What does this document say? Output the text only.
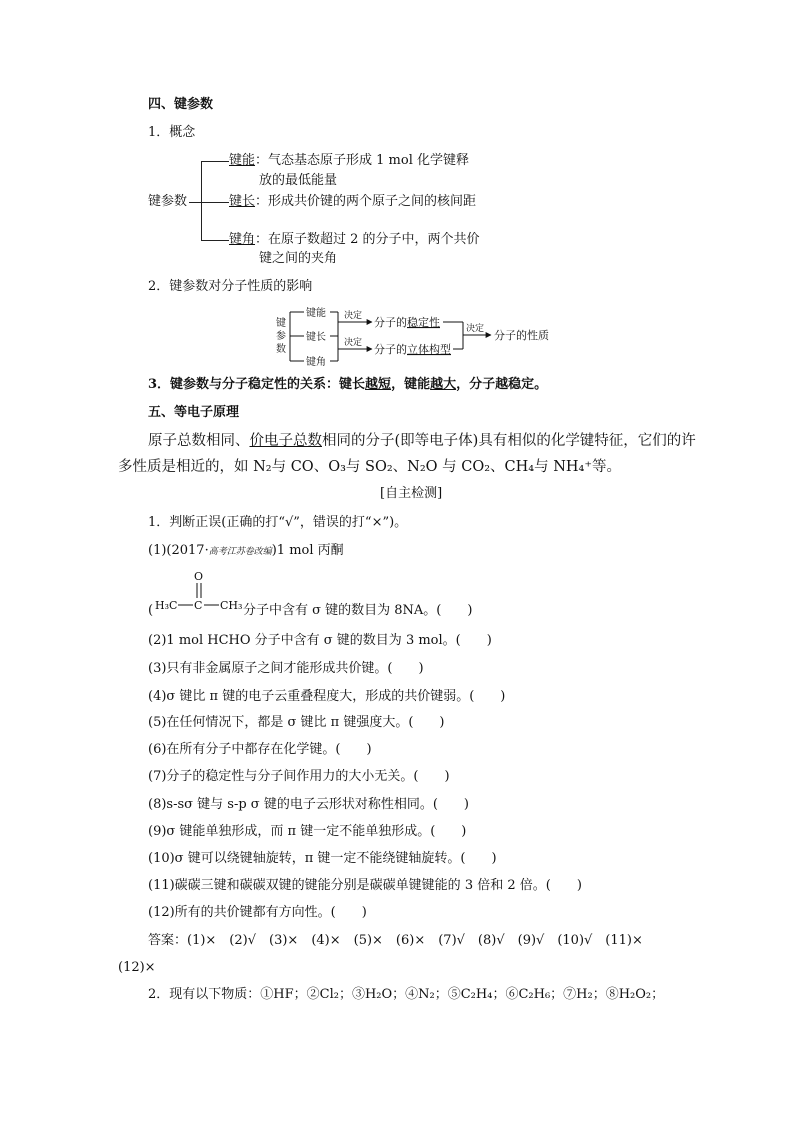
四、键参数
1．概念
键参数
键能：气态基态原子形成 1 mol 化学键释
放的最低能量
键长：形成共价键的两个原子之间的核间距
键角：在原子数超过 2 的分子中，两个共价
键之间的夹角
2．键参数对分子性质的影响
键
参
数
键能
键长
键角
决定
决定
分子的稳定性
分子的立体构型
决定 分子的性质
3．键参数与分子稳定性的关系：键长越短，键能越大，分子越稳定。
五、等电子原理
原子总数相同、价电子总数相同的分子(即等电子体)具有相似的化学键特征，它们的许
多性质是相近的，如 N₂与 CO、O₃与 SO₂、N₂O 与 CO₂、CH₄与 NH₄⁺等。
[自主检测]
1．判断正误(正确的打“√”，错误的打“×”)。
(1)(2017·高考江苏卷改编)1 mol 丙酮
(
O
H₃C C CH₃ 分子中含有 σ 键的数目为 8NA。(　　)
(2)1 mol HCHO 分子中含有 σ 键的数目为 3 mol。(　　)
(3)只有非金属原子之间才能形成共价键。(　　)
(4)σ 键比 π 键的电子云重叠程度大，形成的共价键弱。(　　)
(5)在任何情况下，都是 σ 键比 π 键强度大。(　　)
(6)在所有分子中都存在化学键。(　　)
(7)分子的稳定性与分子间作用力的大小无关。(　　)
(8)s-sσ 键与 s-p σ 键的电子云形状对称性相同。(　　)
(9)σ 键能单独形成，而 π 键一定不能单独形成。(　　)
(10)σ 键可以绕键轴旋转，π 键一定不能绕键轴旋转。(　　)
(11)碳碳三键和碳碳双键的键能分别是碳碳单键键能的 3 倍和 2 倍。(　　)
(12)所有的共价键都有方向性。(　　)
答案：(1)×　(2)√　(3)×　(4)×　(5)×　(6)×　(7)√　(8)√　(9)√　(10)√　(11)×
(12)×
2．现有以下物质：①HF；②Cl₂；③H₂O；④N₂；⑤C₂H₄；⑥C₂H₆；⑦H₂；⑧H₂O₂；
